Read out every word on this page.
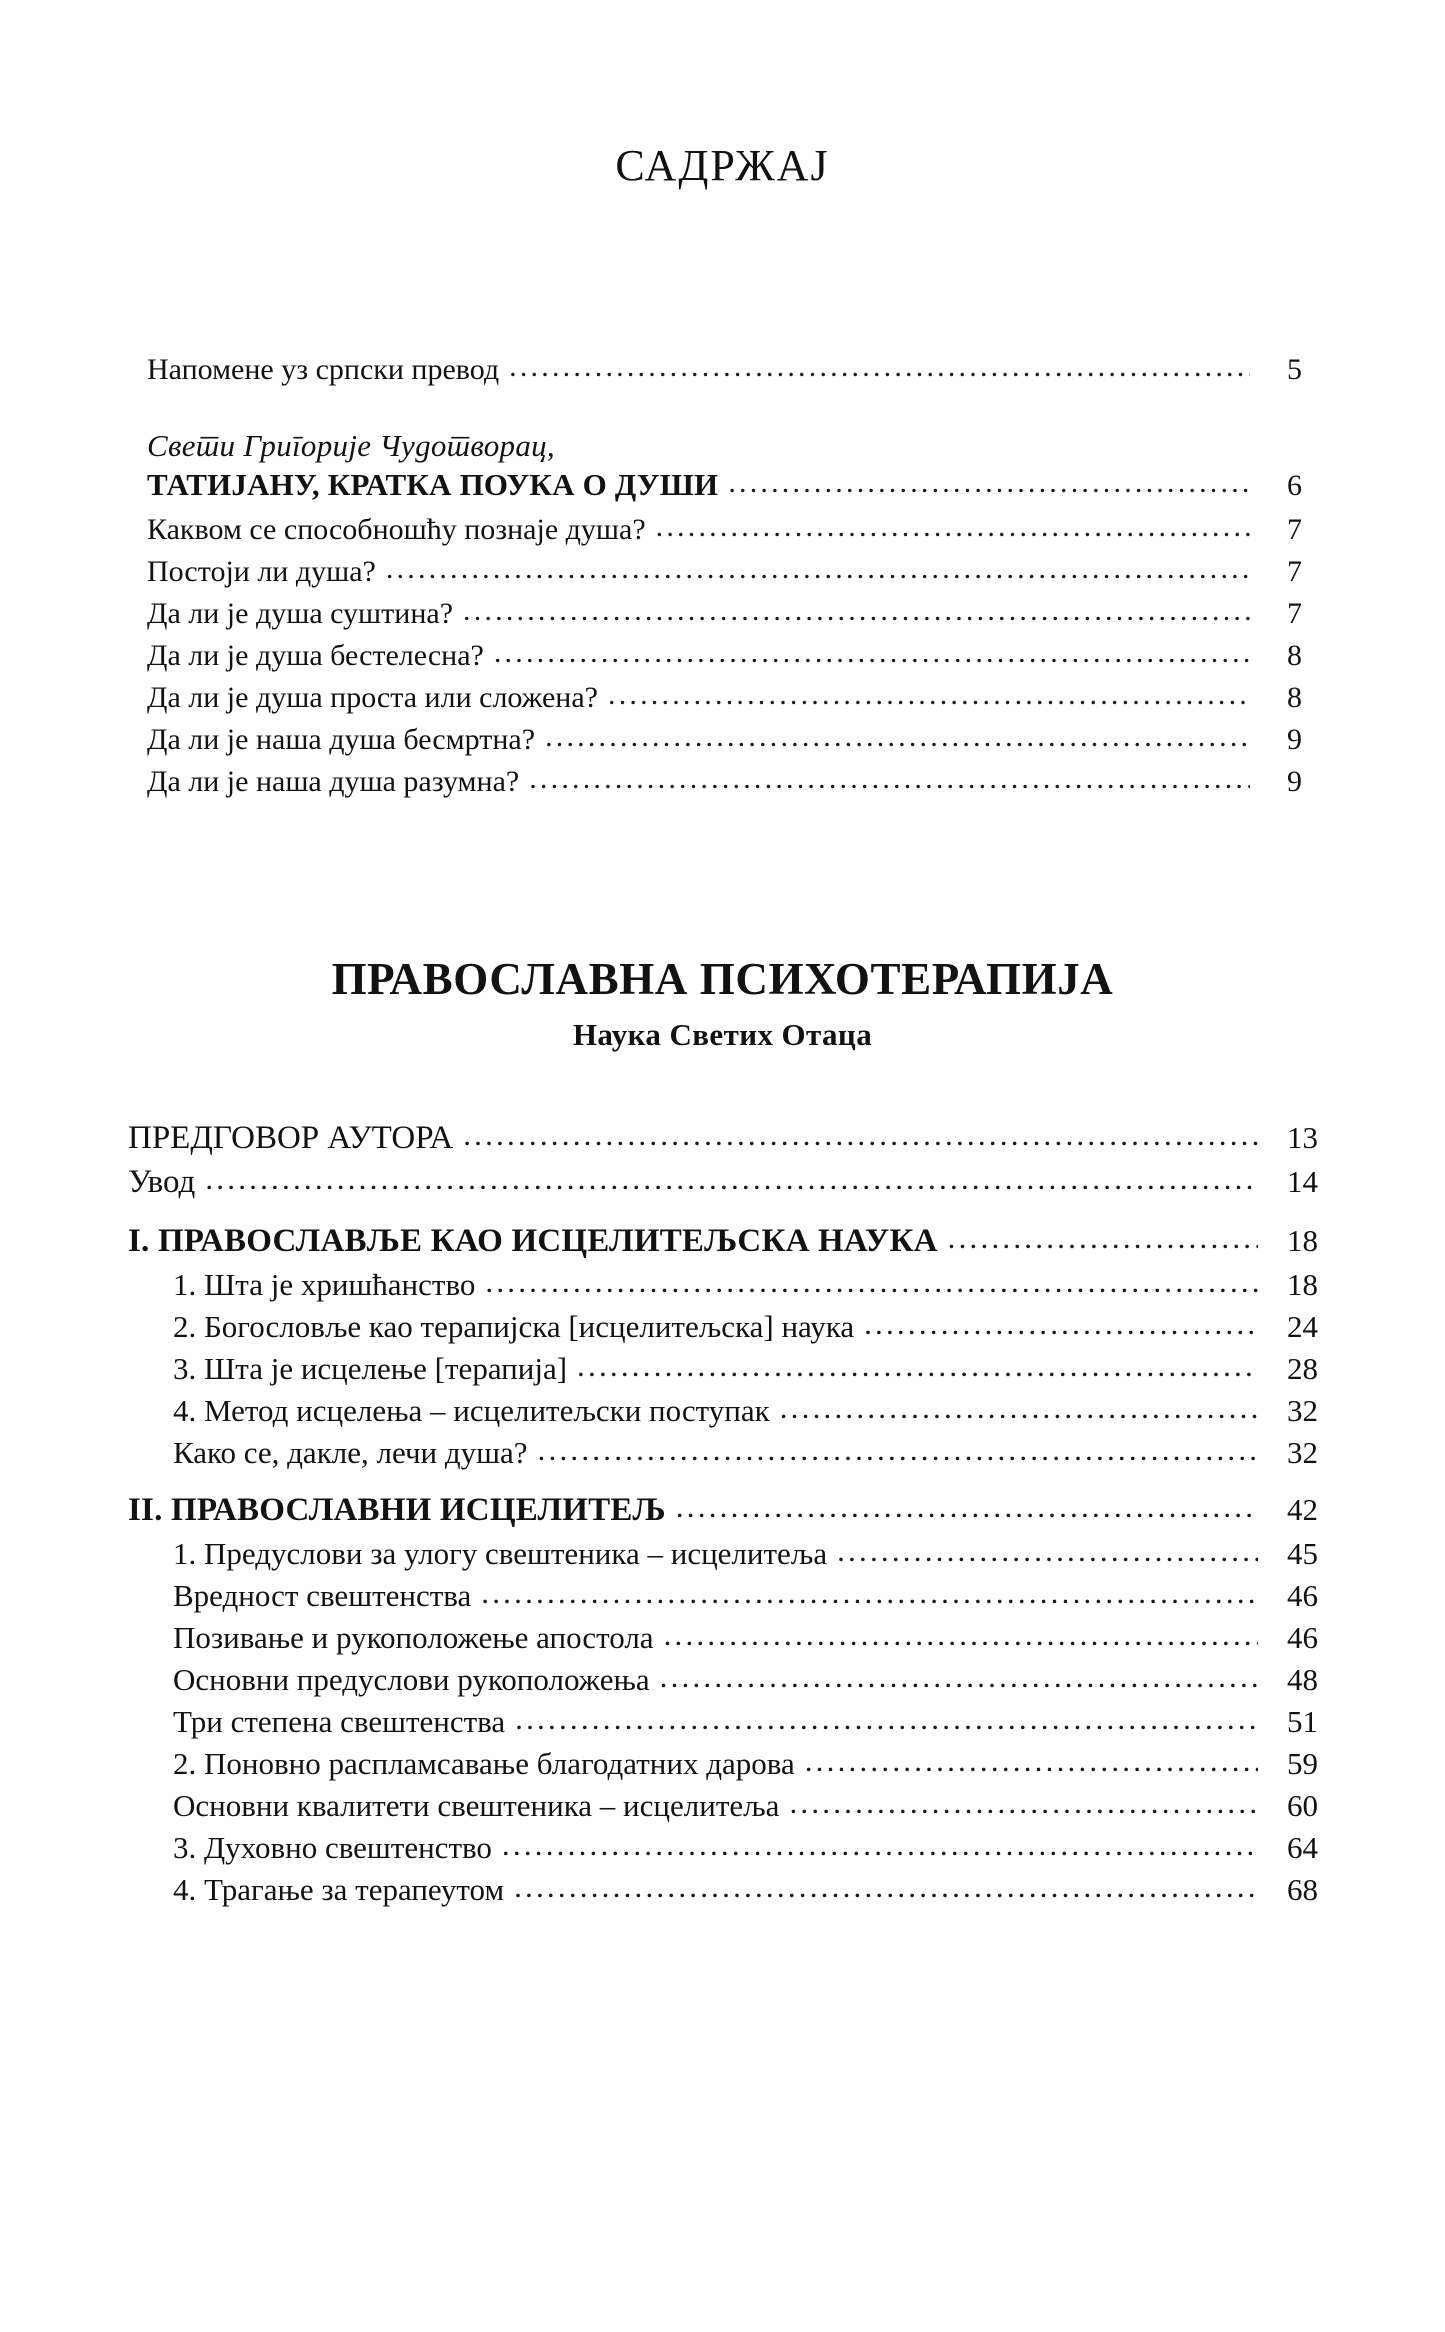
САДРЖАЈ
Напомене уз српски превод .....	5
Свети Григорије Чудотворац,
ТАТИЈАНУ, КРАТКА ПОУКА О ДУШИ .....	6
Каквом се способношћу познаје душа? .....	7
Постоји ли душа? .....	7
Да ли је душа суштина? .....	7
Да ли је душа бестелесна? .....	8
Да ли је душа проста или сложена? .....	8
Да ли је наша душа бесмртна? .....	9
Да ли је наша душа разумна? .....	9
ПРАВОСЛАВНА ПСИХОТЕРАПИЈА
Наука Светих Отаца
ПРЕДГОВОР АУТОРА .....	13
Увод .....	14
I. ПРАВОСЛАВЉЕ КАО ИСЦЕЛИТЕЉСКА НАУКА .....	18
1. Шта је хришћанство .....	18
2. Богословље као терапијска [исцелитељска] наука .....	24
3. Шта је исцелење [терапија] .....	28
4. Метод исцелења – исцелитељски поступак .....	32
Како се, дакле, лечи душа? .....	32
II. ПРАВОСЛАВНИ ИСЦЕЛИТЕЉ .....	42
1. Предуслови за улогу свештеника – исцелитеља .....	45
Вредност свештенства .....	46
Позивање и рукоположење апостола .....	46
Основни предуслови рукоположења .....	48
Три степена свештенства .....	51
2. Поновно распламсавање благодатних дарова .....	59
Основни квалитети свештеника – исцелитеља .....	60
3. Духовно свештенство .....	64
4. Трагање за терапеутом .....	68
